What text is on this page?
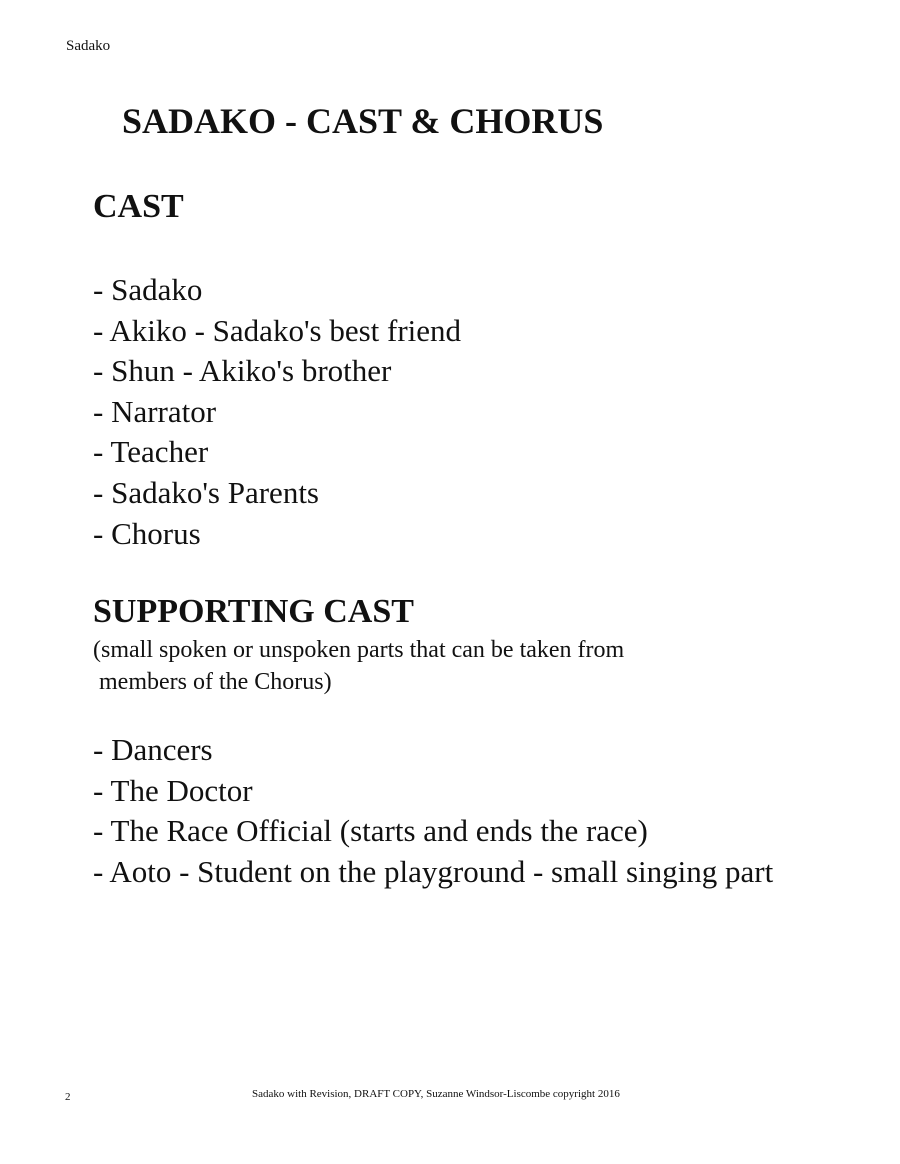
Sadako
SADAKO - CAST & CHORUS
CAST
- Sadako
- Akiko - Sadako's best friend
- Shun - Akiko's brother
- Narrator
- Teacher
- Sadako's Parents
- Chorus
SUPPORTING CAST

(small spoken or unspoken parts that can be taken from
members of the Chorus)

- Dancers
- The Doctor
- The Race Official (starts and ends the race)
- Aoto - Student on the playground - small singing part
2	Sadako with Revision, DRAFT COPY, Suzanne Windsor-Liscombe copyright 2016
